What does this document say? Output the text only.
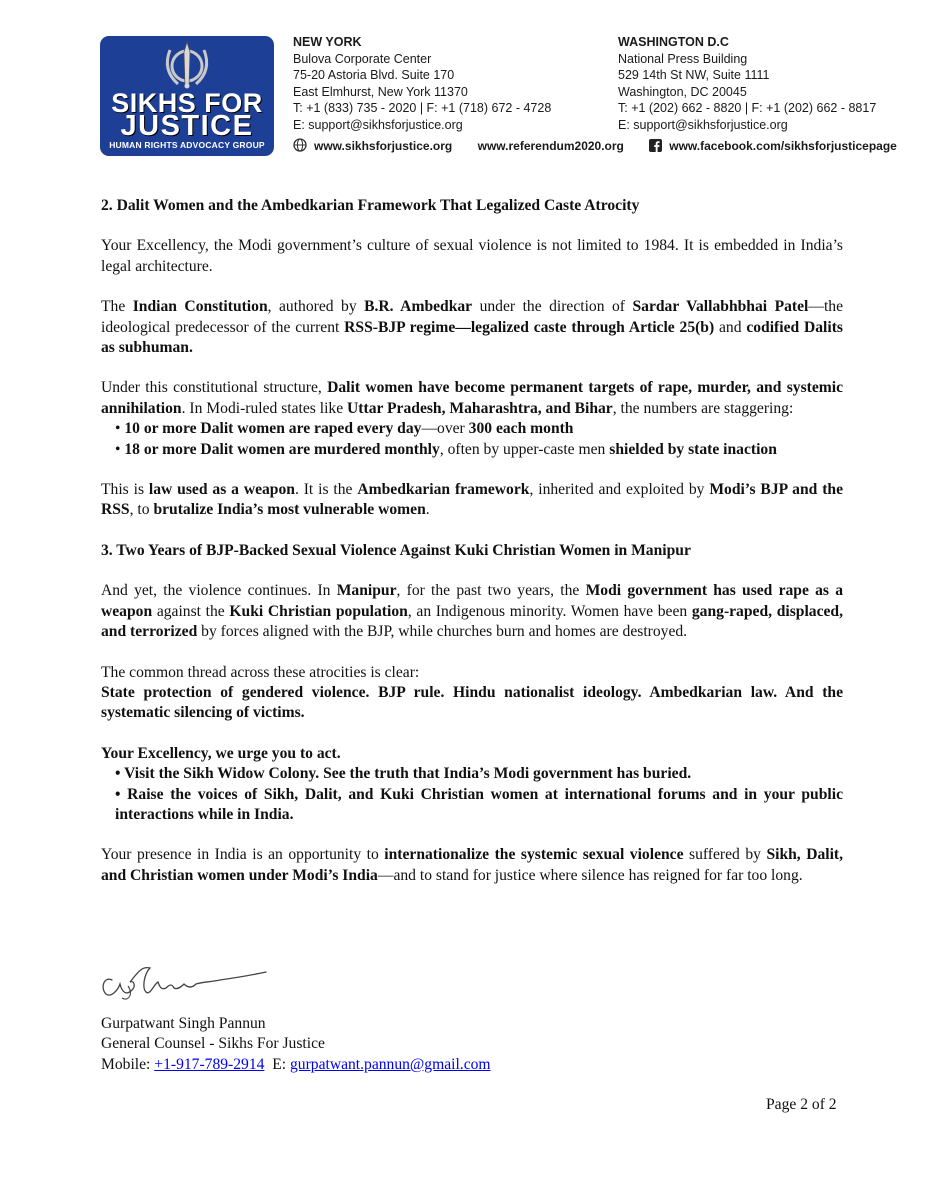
SIKHS FOR
JUSTICE
HUMAN RIGHTS ADVOCACY GROUP
NEW YORK
Bulova Corporate Center
75-20 Astoria Blvd. Suite 170
East Elmhurst, New York 11370
T: +1 (833) 735 - 2020 | F: +1 (718) 672 - 4728
E: support@sikhsforjustice.org
WASHINGTON D.C
National Press Building
529 14th St NW, Suite 1111
Washington, DC 20045
T: +1 (202) 662 - 8820 | F: +1 (202) 662 - 8817
E: support@sikhsforjustice.org
www.sikhsforjustice.org www.referendum2020.org	www.facebook.com/sikhsforjusticepage
2. Dalit Women and the Ambedkarian Framework That Legalized Caste Atrocity

Your Excellency, the Modi government’s culture of sexual violence is not limited to 1984. It is embedded in India’s legal architecture.

The Indian Constitution, authored by B.R. Ambedkar under the direction of Sardar Vallabhbhai Patel—the ideological predecessor of the current RSS-BJP regime—legalized caste through Article 25(b) and codified Dalits as subhuman.

Under this constitutional structure, Dalit women have become permanent targets of rape, murder, and systemic annihilation. In Modi-ruled states like Uttar Pradesh, Maharashtra, and Bihar, the numbers are staggering:

• 10 or more Dalit women are raped every day—over 300 each month
• 18 or more Dalit women are murdered monthly, often by upper-caste men shielded by state inaction

This is law used as a weapon. It is the Ambedkarian framework, inherited and exploited by Modi’s BJP and the RSS, to brutalize India’s most vulnerable women.

3. Two Years of BJP-Backed Sexual Violence Against Kuki Christian Women in Manipur

And yet, the violence continues. In Manipur, for the past two years, the Modi government has used rape as a weapon against the Kuki Christian population, an Indigenous minority. Women have been gang-raped, displaced, and terrorized by forces aligned with the BJP, while churches burn and homes are destroyed.

The common thread across these atrocities is clear:
State protection of gendered violence. BJP rule. Hindu nationalist ideology. Ambedkarian law. And the systematic silencing of victims.

Your Excellency, we urge you to act.

• Visit the Sikh Widow Colony. See the truth that India’s Modi government has buried.
• Raise the voices of Sikh, Dalit, and Kuki Christian women at international forums and in your public interactions while in India.

Your presence in India is an opportunity to internationalize the systemic sexual violence suffered by Sikh, Dalit, and Christian women under Modi’s India—and to stand for justice where silence has reigned for far too long.

Gurpatwant Singh Pannun
General Counsel - Sikhs For Justice
Mobile: +1-917-789-2914 E: gurpatwant.pannun@gmail.com
Page 2 of 2
